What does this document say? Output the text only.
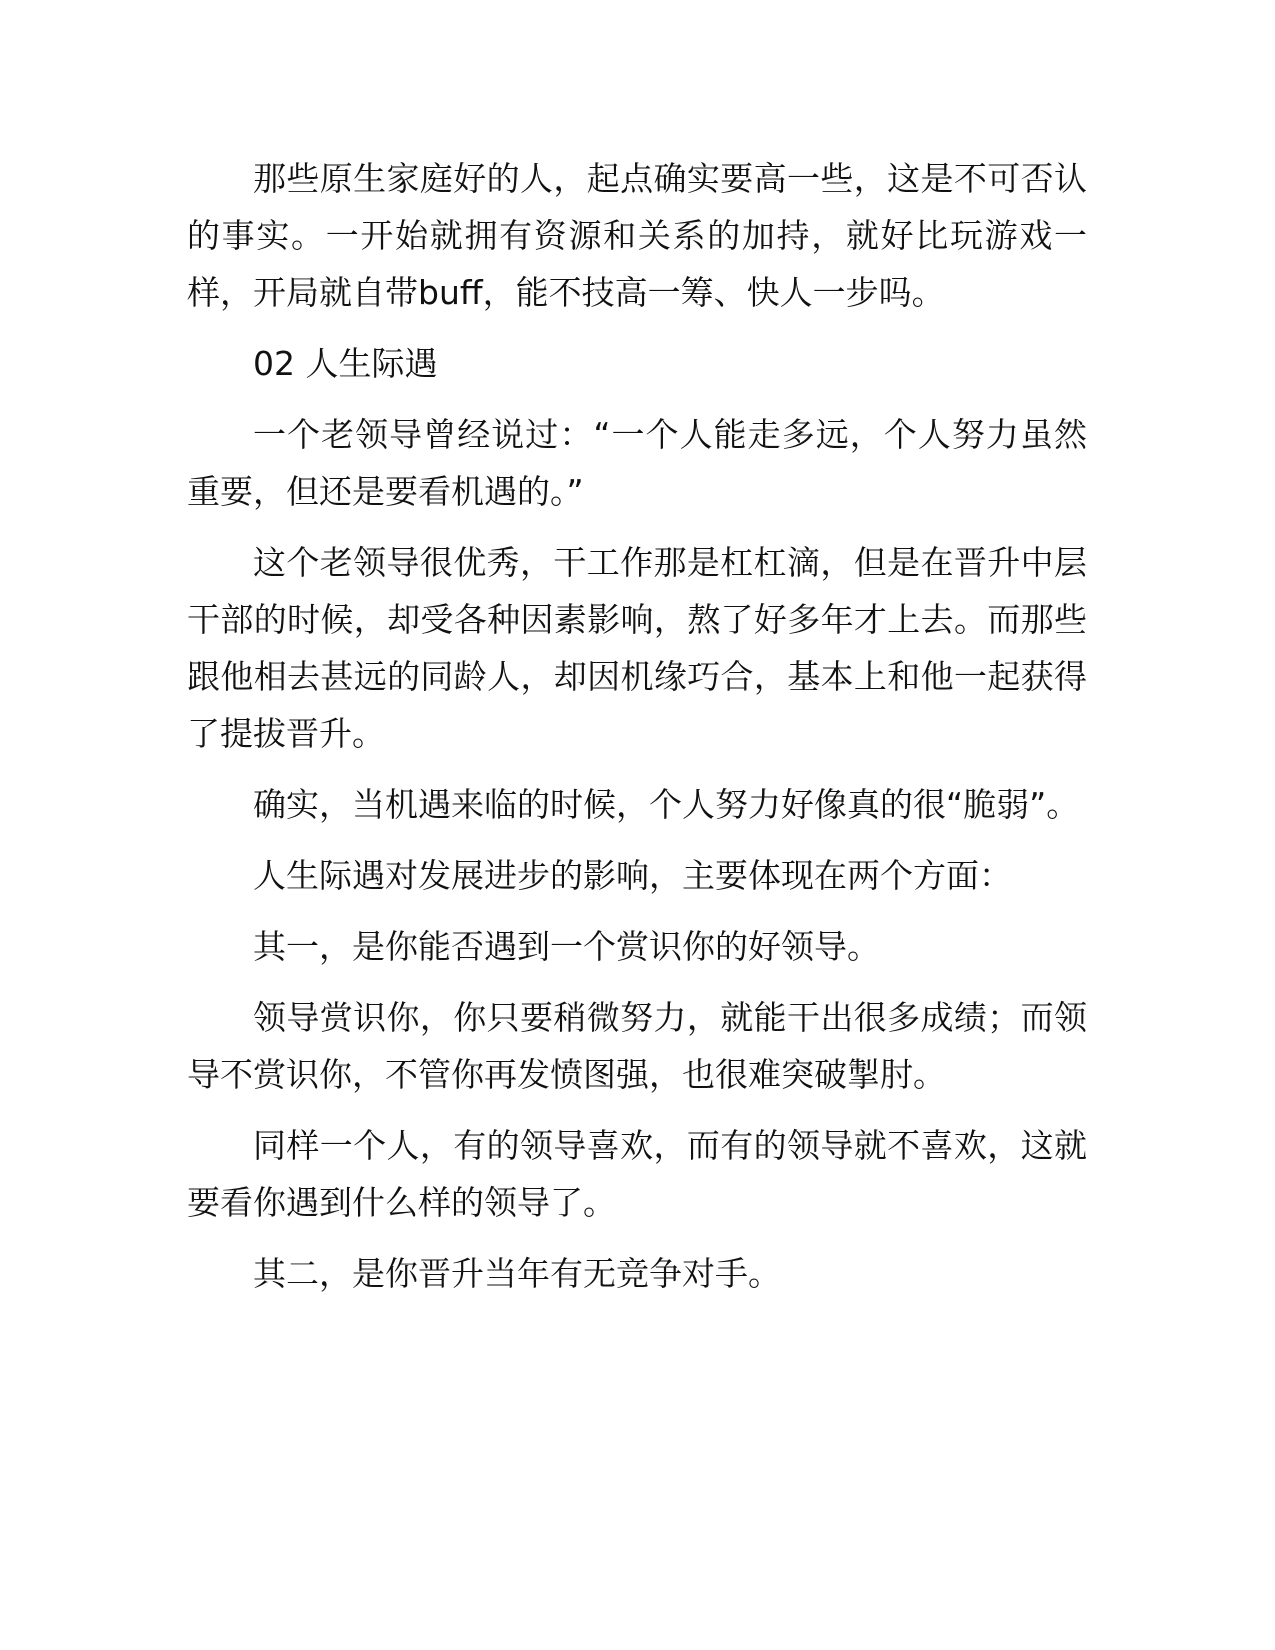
那些原生家庭好的人，起点确实要高一些，这是不可否认的事实。一开始就拥有资源和关系的加持，就好比玩游戏一样，开局就自带buff，能不技高一筹、快人一步吗。

02 人生际遇

一个老领导曾经说过：“一个人能走多远，个人努力虽然重要，但还是要看机遇的。”

这个老领导很优秀，干工作那是杠杠滴，但是在晋升中层干部的时候，却受各种因素影响，熬了好多年才上去。而那些跟他相去甚远的同龄人，却因机缘巧合，基本上和他一起获得了提拔晋升。

确实，当机遇来临的时候，个人努力好像真的很“脆弱”。

人生际遇对发展进步的影响，主要体现在两个方面：

其一，是你能否遇到一个赏识你的好领导。

领导赏识你，你只要稍微努力，就能干出很多成绩；而领导不赏识你，不管你再发愤图强，也很难突破掣肘。

同样一个人，有的领导喜欢，而有的领导就不喜欢，这就要看你遇到什么样的领导了。

其二，是你晋升当年有无竞争对手。
